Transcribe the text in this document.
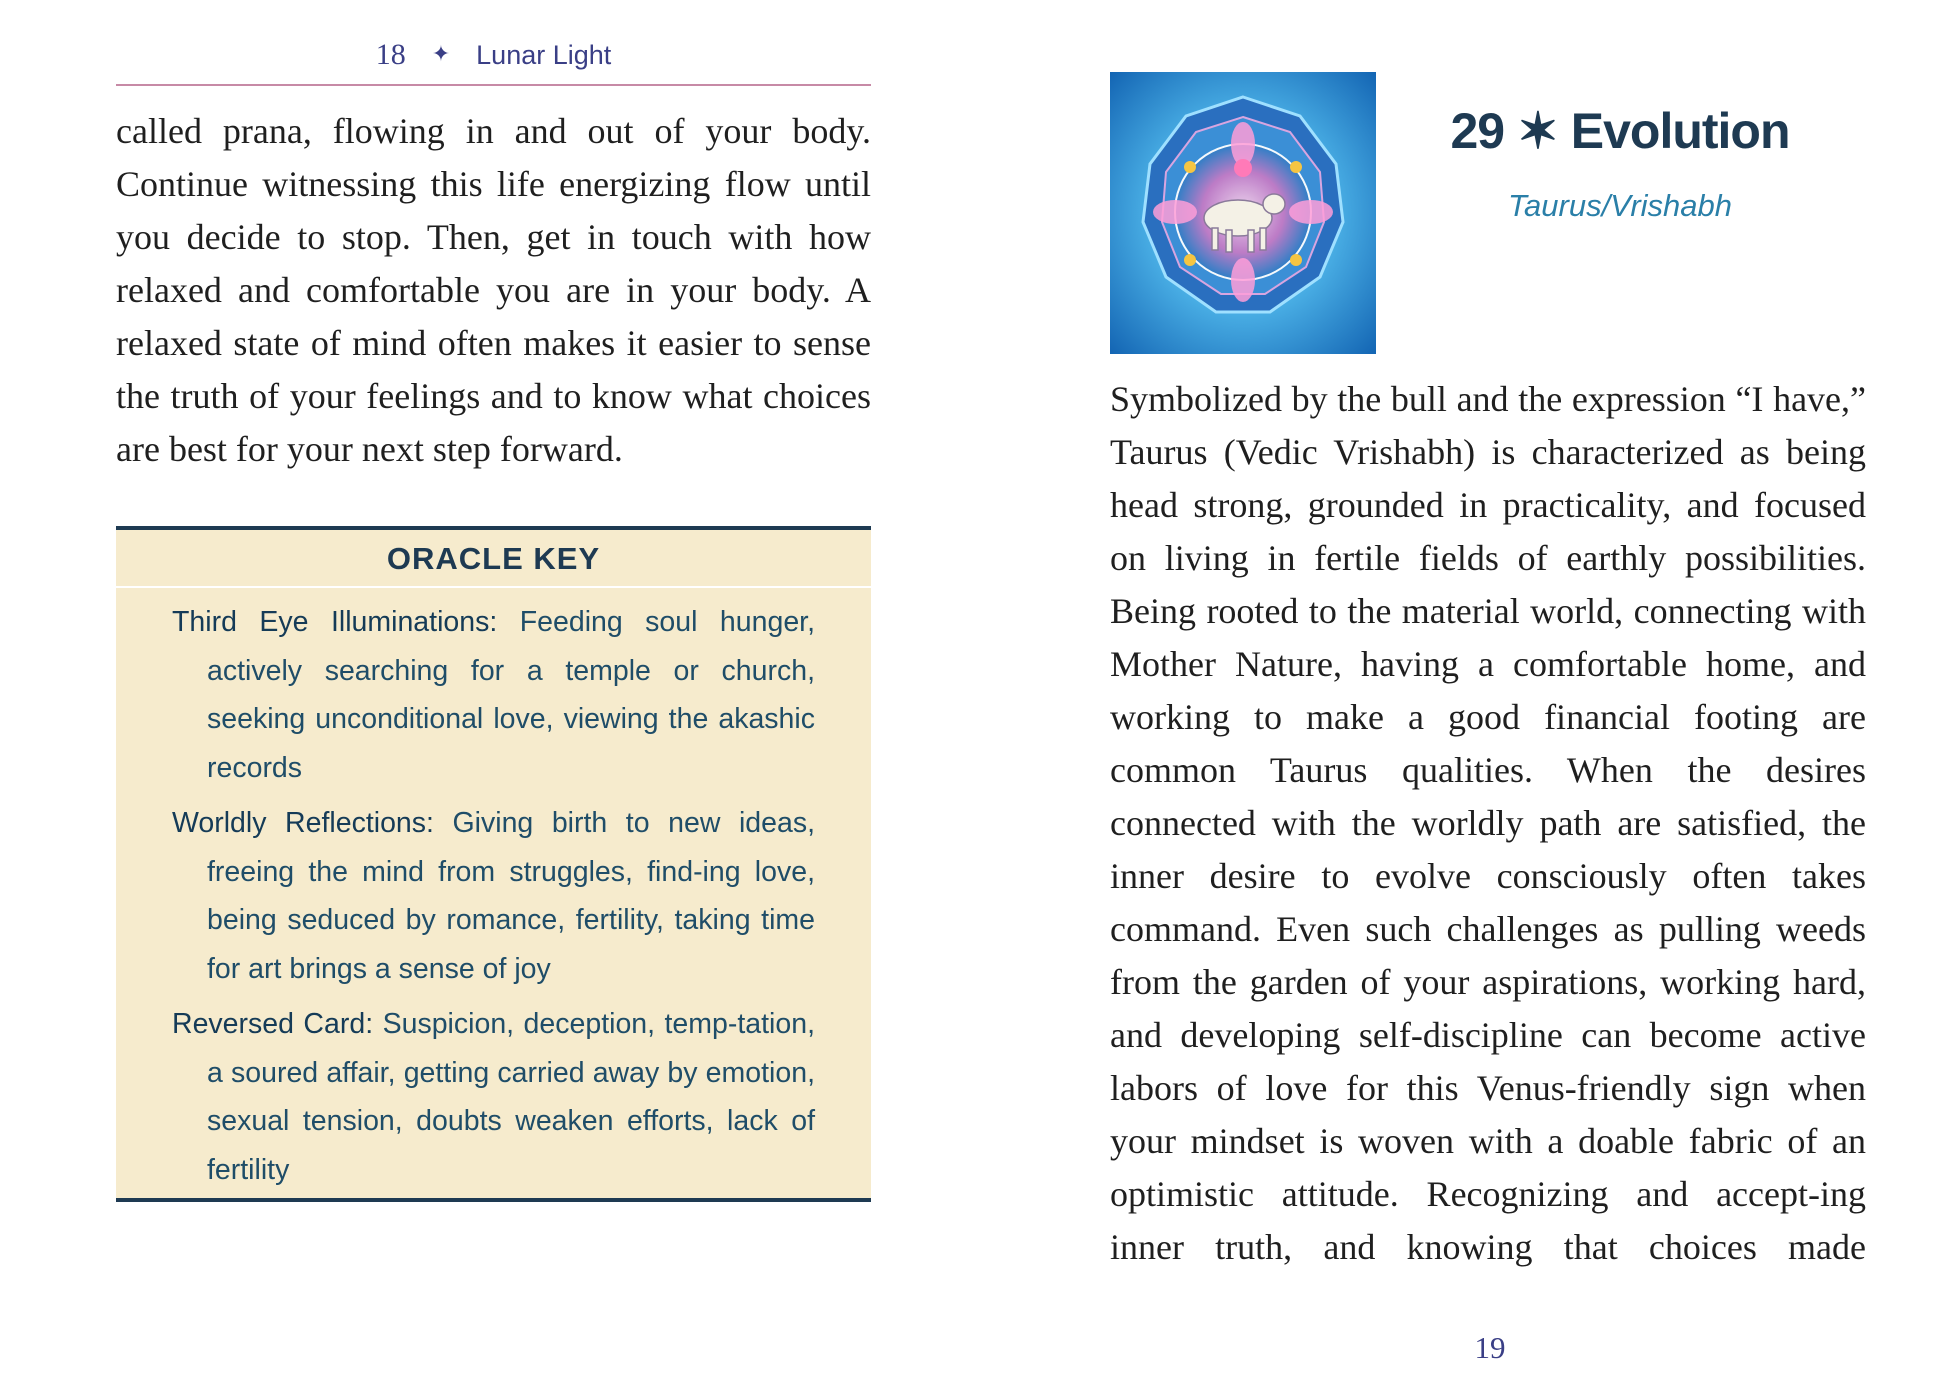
18 ✦ Lunar Light

called prana, flowing in and out of your body. Continue witnessing this life energizing flow until you decide to stop. Then, get in touch with how relaxed and comfortable you are in your body. A relaxed state of mind often makes it easier to sense the truth of your feelings and to know what choices are best for your next step forward.

ORACLE KEY
Third Eye Illuminations: Feeding soul hunger, actively searching for a temple or church, seeking unconditional love, viewing the akashic records
Worldly Reflections: Giving birth to new ideas, freeing the mind from struggles, find-ing love, being seduced by romance, fertility, taking time for art brings a sense of joy
Reversed Card: Suspicion, deception, temp-tation, a soured affair, getting carried away by emotion, sexual tension, doubts weaken efforts, lack of fertility
29 ✶ Evolution
Taurus/Vrishabh

Symbolized by the bull and the expression “I have,” Taurus (Vedic Vrishabh) is characterized as being head strong, grounded in practicality, and focused on living in fertile fields of earthly possibilities. Being rooted to the material world, connecting with Mother Nature, having a comfortable home, and working to make a good financial footing are common Taurus qualities. When the desires connected with the worldly path are satisfied, the inner desire to evolve consciously often takes command. Even such challenges as pulling weeds from the garden of your aspirations, working hard, and developing self-discipline can become active labors of love for this Venus-friendly sign when your mindset is woven with a doable fabric of an optimistic attitude. Recognizing and accept-ing inner truth, and knowing that choices made

19
